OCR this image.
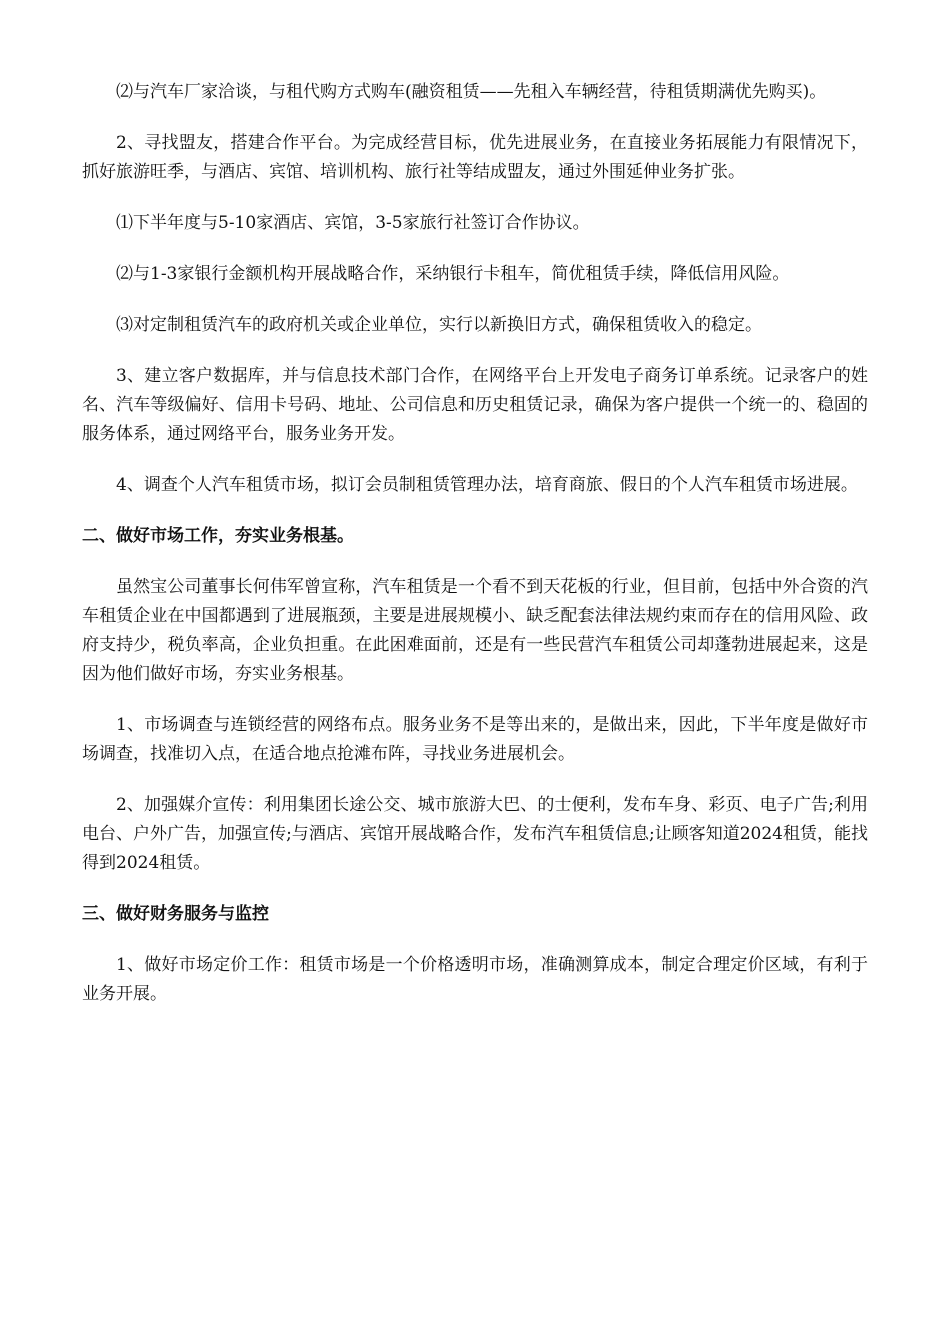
⑵与汽车厂家洽谈，与租代购方式购车(融资租赁——先租入车辆经营，待租赁期满优先购买)。

2、寻找盟友，搭建合作平台。为完成经营目标，优先进展业务，在直接业务拓展能力有限情况下，抓好旅游旺季，与酒店、宾馆、培训机构、旅行社等结成盟友，通过外围延伸业务扩张。

⑴下半年度与5-10家酒店、宾馆，3-5家旅行社签订合作协议。

⑵与1-3家银行金额机构开展战略合作，采纳银行卡租车，简优租赁手续，降低信用风险。

⑶对定制租赁汽车的政府机关或企业单位，实行以新换旧方式，确保租赁收入的稳定。

3、建立客户数据库，并与信息技术部门合作，在网络平台上开发电子商务订单系统。记录客户的姓名、汽车等级偏好、信用卡号码、地址、公司信息和历史租赁记录，确保为客户提供一个统一的、稳固的服务体系，通过网络平台，服务业务开发。

4、调查个人汽车租赁市场，拟订会员制租赁管理办法，培育商旅、假日的个人汽车租赁市场进展。

二、做好市场工作，夯实业务根基。

虽然宝公司董事长何伟军曾宣称，汽车租赁是一个看不到天花板的行业，但目前，包括中外合资的汽车租赁企业在中国都遇到了进展瓶颈，主要是进展规模小、缺乏配套法律法规约束而存在的信用风险、政府支持少，税负率高，企业负担重。在此困难面前，还是有一些民营汽车租赁公司却蓬勃进展起来，这是因为他们做好市场，夯实业务根基。

1、市场调查与连锁经营的网络布点。服务业务不是等出来的，是做出来，因此，下半年度是做好市场调查，找准切入点，在适合地点抢滩布阵，寻找业务进展机会。

2、加强媒介宣传：利用集团长途公交、城市旅游大巴、的士便利，发布车身、彩页、电子广告;利用电台、户外广告，加强宣传;与酒店、宾馆开展战略合作，发布汽车租赁信息;让顾客知道2024租赁，能找得到2024租赁。

三、做好财务服务与监控

1、做好市场定价工作：租赁市场是一个价格透明市场，准确测算成本，制定合理定价区域，有利于业务开展。
